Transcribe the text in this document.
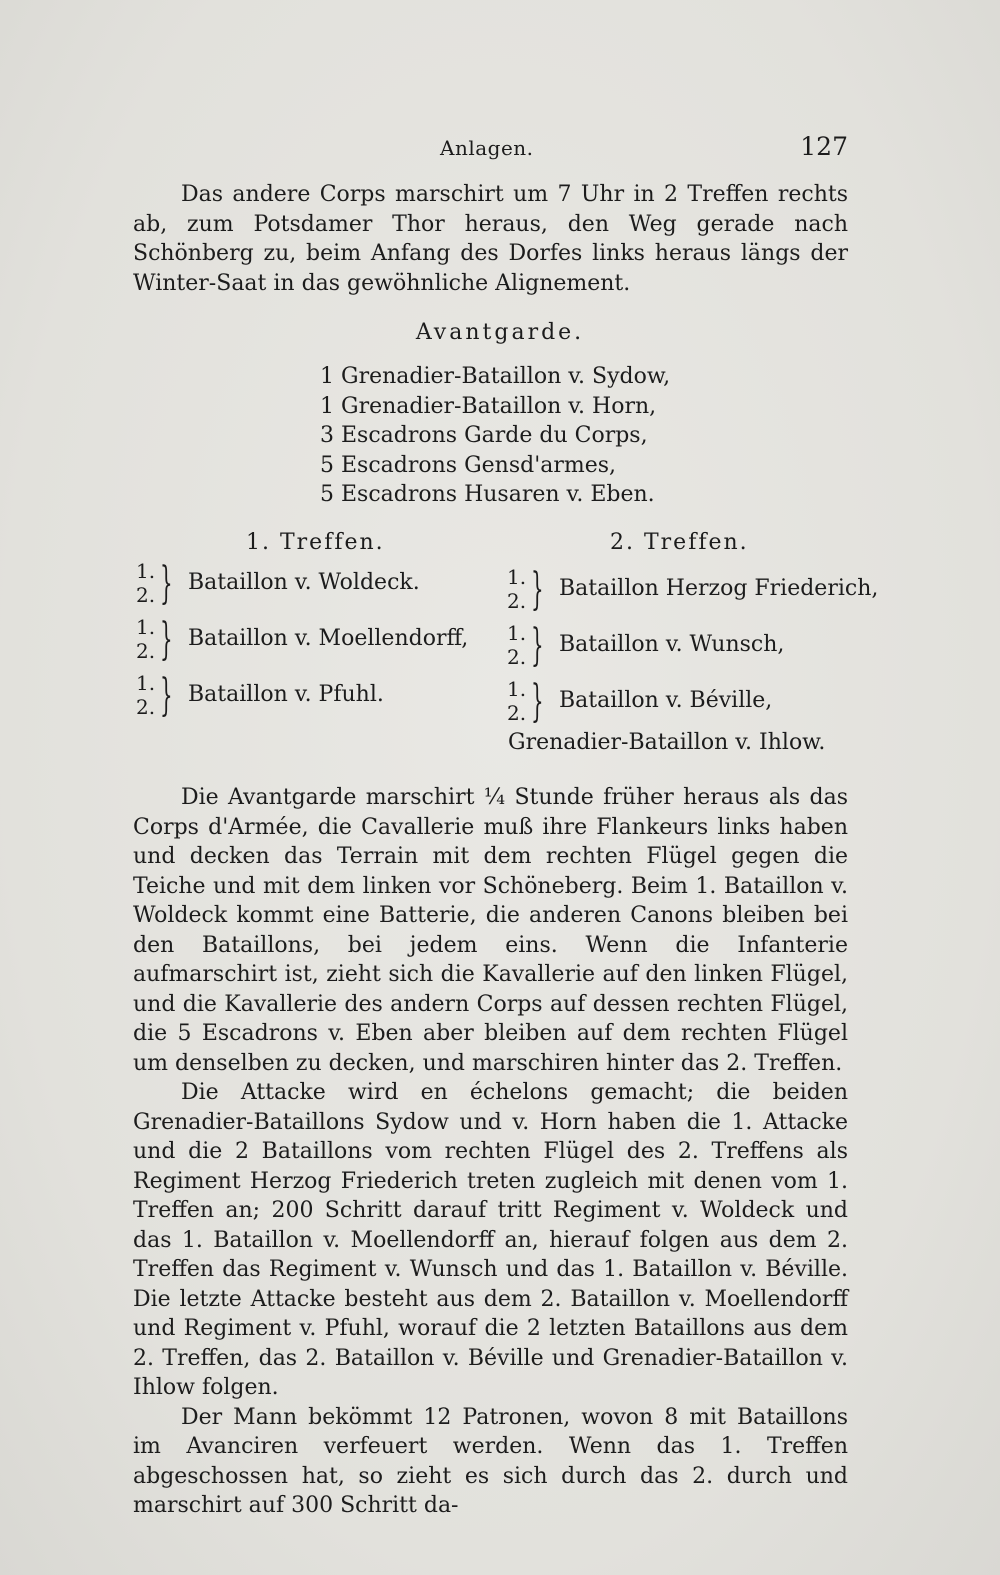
Anlagen.	127

Das andere Corps marschirt um 7 Uhr in 2 Treffen rechts ab, zum Potsdamer Thor heraus, den Weg gerade nach Schönberg zu, beim Anfang des Dorfes links heraus längs der Winter-Saat in das gewöhnliche Alignement.

Avantgarde.
1 Grenadier-Bataillon v. Sydow,
1 Grenadier-Bataillon v. Horn,
3 Escadrons Garde du Corps,
5 Escadrons Gensd'armes,
5 Escadrons Husaren v. Eben.
1. Treffen.	2. Treffen.
1.
2. } Bataillon v. Woldeck.
1.
2. } Bataillon v. Moellendorff,
1.
2. } Bataillon v. Pfuhl.
1.
2. } Bataillon Herzog Friederich,
1.
2. } Bataillon v. Wunsch,
1.
2. } Bataillon v. Béville,
Grenadier-Bataillon v. Ihlow.

Die Avantgarde marschirt ¼ Stunde früher heraus als das Corps d'Armée, die Cavallerie muß ihre Flankeurs links haben und decken das Terrain mit dem rechten Flügel gegen die Teiche und mit dem linken vor Schöneberg. Beim 1. Bataillon v. Woldeck kommt eine Batterie, die anderen Canons bleiben bei den Bataillons, bei jedem eins. Wenn die Infanterie aufmarschirt ist, zieht sich die Kavallerie auf den linken Flügel, und die Kavallerie des andern Corps auf dessen rechten Flügel, die 5 Escadrons v. Eben aber bleiben auf dem rechten Flügel um denselben zu decken, und marschiren hinter das 2. Treffen.

Die Attacke wird en échelons gemacht; die beiden Grenadier-Bataillons Sydow und v. Horn haben die 1. Attacke und die 2 Bataillons vom rechten Flügel des 2. Treffens als Regiment Herzog Friederich treten zugleich mit denen vom 1. Treffen an; 200 Schritt darauf tritt Regiment v. Woldeck und das 1. Bataillon v. Moellendorff an, hierauf folgen aus dem 2. Treffen das Regiment v. Wunsch und das 1. Bataillon v. Béville. Die letzte Attacke besteht aus dem 2. Bataillon v. Moellendorff und Regiment v. Pfuhl, worauf die 2 letzten Bataillons aus dem 2. Treffen, das 2. Bataillon v. Béville und Grenadier-Bataillon v. Ihlow folgen.

Der Mann bekömmt 12 Patronen, wovon 8 mit Bataillons im Avanciren verfeuert werden. Wenn das 1. Treffen abgeschossen hat, so zieht es sich durch das 2. durch und marschirt auf 300 Schritt da-
